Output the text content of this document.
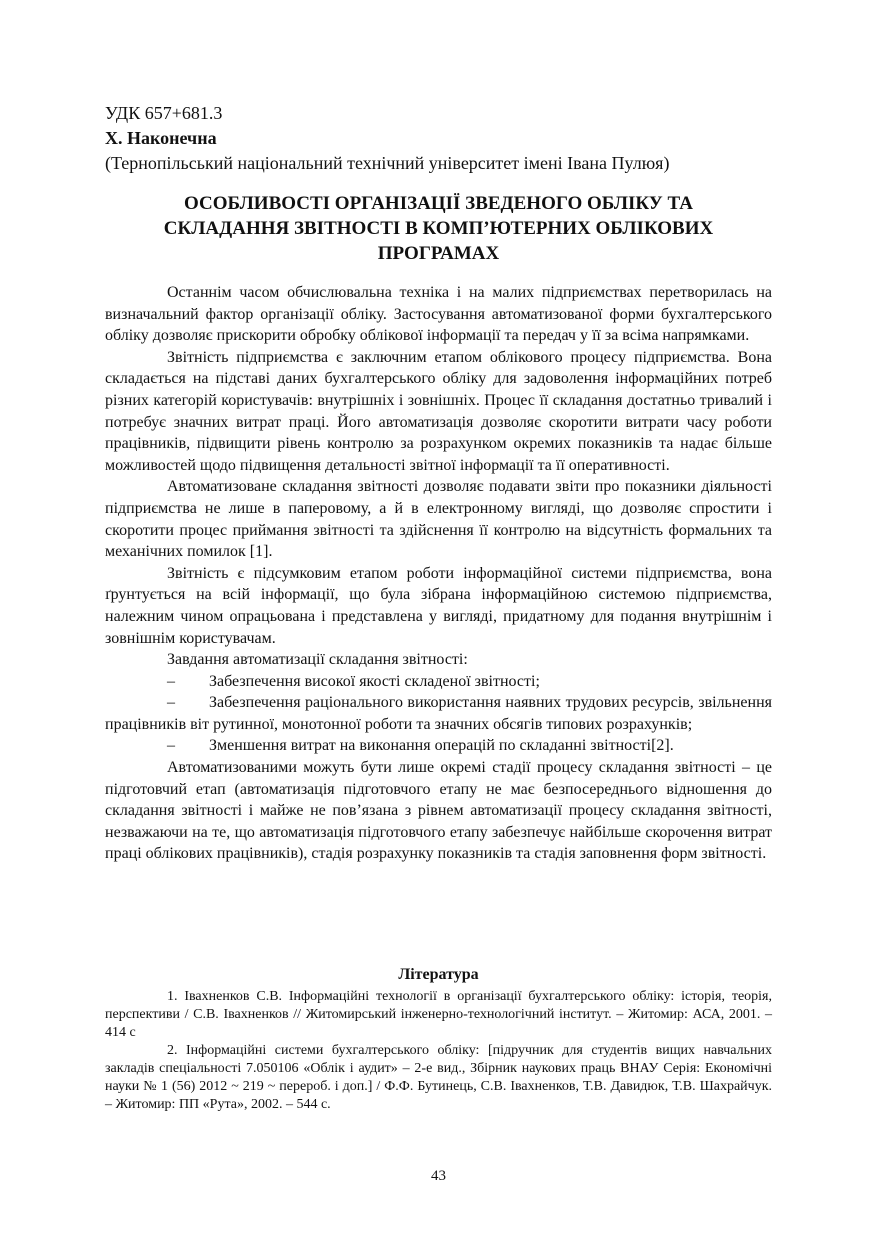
УДК 657+681.3
Х. Наконечна
(Тернопільський національний технічний університет імені Івана Пулюя)
ОСОБЛИВОСТІ ОРГАНІЗАЦІЇ ЗВЕДЕНОГО ОБЛІКУ ТА СКЛАДАННЯ ЗВІТНОСТІ В КОМП’ЮТЕРНИХ ОБЛІКОВИХ ПРОГРАМАХ

Останнім часом обчислювальна техніка і на малих підприємствах перетворилась на визначальний фактор організації обліку. Застосування автоматизованої форми бухгалтерського обліку дозволяє прискорити обробку облікової інформації та передач у її за всіма напрямками.

Звітність підприємства є заключним етапом облікового процесу підприємства. Вона складається на підставі даних бухгалтерського обліку для задоволення інформаційних потреб різних категорій користувачів: внутрішніх і зовнішніх. Процес її складання достатньо тривалий і потребує значних витрат праці. Його автоматизація дозволяє скоротити витрати часу роботи працівників, підвищити рівень контролю за розрахунком окремих показників та надає більше можливостей щодо підвищення детальності звітної інформації та її оперативності.

Автоматизоване складання звітності дозволяє подавати звіти про показники діяльності підприємства не лише в паперовому, а й в електронному вигляді, що дозволяє спростити і скоротити процес приймання звітності та здійснення її контролю на відсутність формальних та механічних помилок [1].

Звітність є підсумковим етапом роботи інформаційної системи підприємства, вона ґрунтується на всій інформації, що була зібрана інформаційною системою підприємства, належним чином опрацьована і представлена у вигляді, придатному для подання внутрішнім і зовнішнім користувачам.

Завдання автоматизації складання звітності:

–	Забезпечення високої якості складеної звітності;
– Забезпечення раціонального використання наявних трудових ресурсів, звільнення працівників віт рутинної, монотонної роботи та значних обсягів типових розрахунків;
–	Зменшення витрат на виконання операцій по складанні звітності[2].

Автоматизованими можуть бути лише окремі стадії процесу складання звітності – це підготовчий етап (автоматизація підготовчого етапу не має безпосереднього відношення до складання звітності і майже не пов’язана з рівнем автоматизації процесу складання звітності, незважаючи на те, що автоматизація підготовчого етапу забезпечує найбільше скорочення витрат праці облікових працівників), стадія розрахунку показників та стадія заповнення форм звітності.

Література

1. Івахненков С.В. Інформаційні технології в організації бухгалтерського обліку: історія, теорія, перспективи / С.В. Івахненков // Житомирський інженерно-технологічний інститут. – Житомир: АСА, 2001. – 414 с

2. Інформаційні системи бухгалтерського обліку: [підручник для студентів вищих навчальних закладів спеціальності 7.050106 «Облік і аудит» – 2-е вид., Збірник наукових праць ВНАУ Серія: Економічні науки № 1 (56) 2012 ~ 219 ~ перероб. і доп.] / Ф.Ф. Бутинець, С.В. Івахненков, Т.В. Давидюк, Т.В. Шахрайчук. – Житомир: ПП «Рута», 2002. – 544 с.

43
